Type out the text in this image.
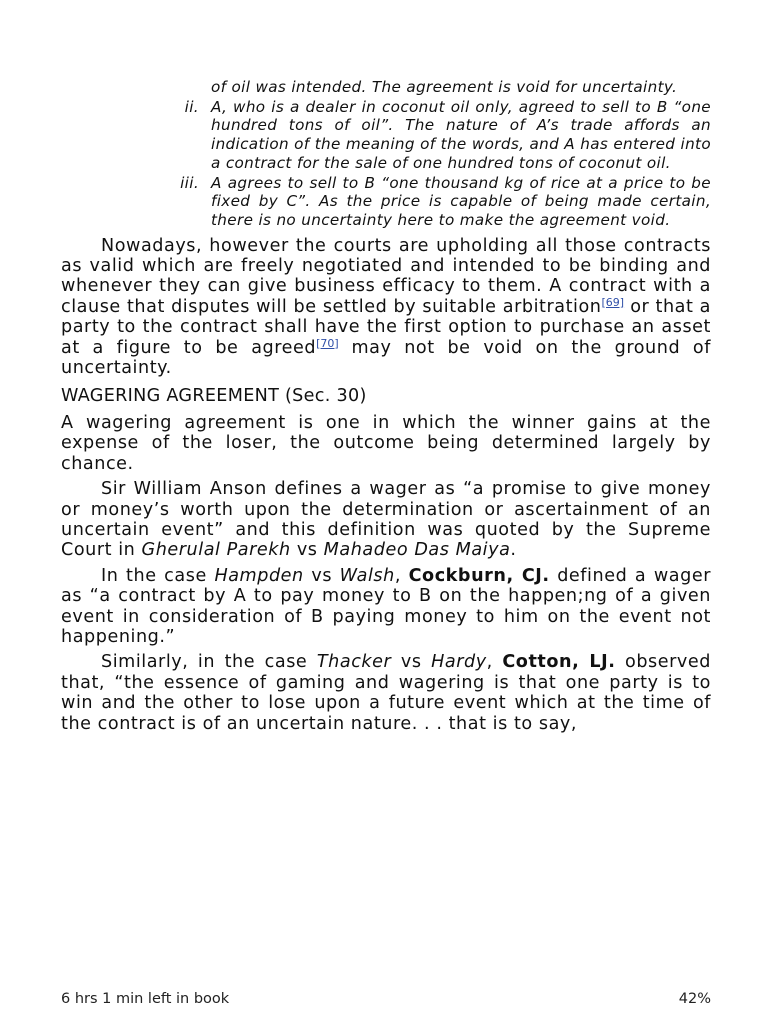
of oil was intended. The agreement is void for uncertainty.
ii. A, who is a dealer in coconut oil only, agreed to sell to B “one hundred tons of oil”. The nature of A’s trade affords an indication of the meaning of the words, and A has entered into a contract for the sale of one hundred tons of coconut oil.
iii. A agrees to sell to B “one thousand kg of rice at a price to be fixed by C”. As the price is capable of being made certain, there is no uncertainty here to make the agreement void.

Nowadays, however the courts are upholding all those contracts as valid which are freely negotiated and intended to be binding and whenever they can give business efficacy to them. A contract with a clause that disputes will be settled by suitable arbitration[69] or that a party to the contract shall have the first option to purchase an asset at a figure to be agreed[70] may not be void on the ground of uncertainty.

WAGERING AGREEMENT (Sec. 30)

A wagering agreement is one in which the winner gains at the expense of the loser, the outcome being determined largely by chance.

Sir William Anson defines a wager as “a promise to give money or money’s worth upon the determination or ascertainment of an uncertain event” and this definition was quoted by the Supreme Court in Gherulal Parekh vs Mahadeo Das Maiya.

In the case Hampden vs Walsh, Cockburn, CJ. defined a wager as “a contract by A to pay money to B on the happen;ng of a given event in consideration of B paying money to him on the event not happening.”

Similarly, in the case Thacker vs Hardy, Cotton, LJ. observed that, “the essence of gaming and wagering is that one party is to win and the other to lose upon a future event which at the time of the contract is of an uncertain nature. . . that is to say,

6 hrs 1 min left in book	42%
